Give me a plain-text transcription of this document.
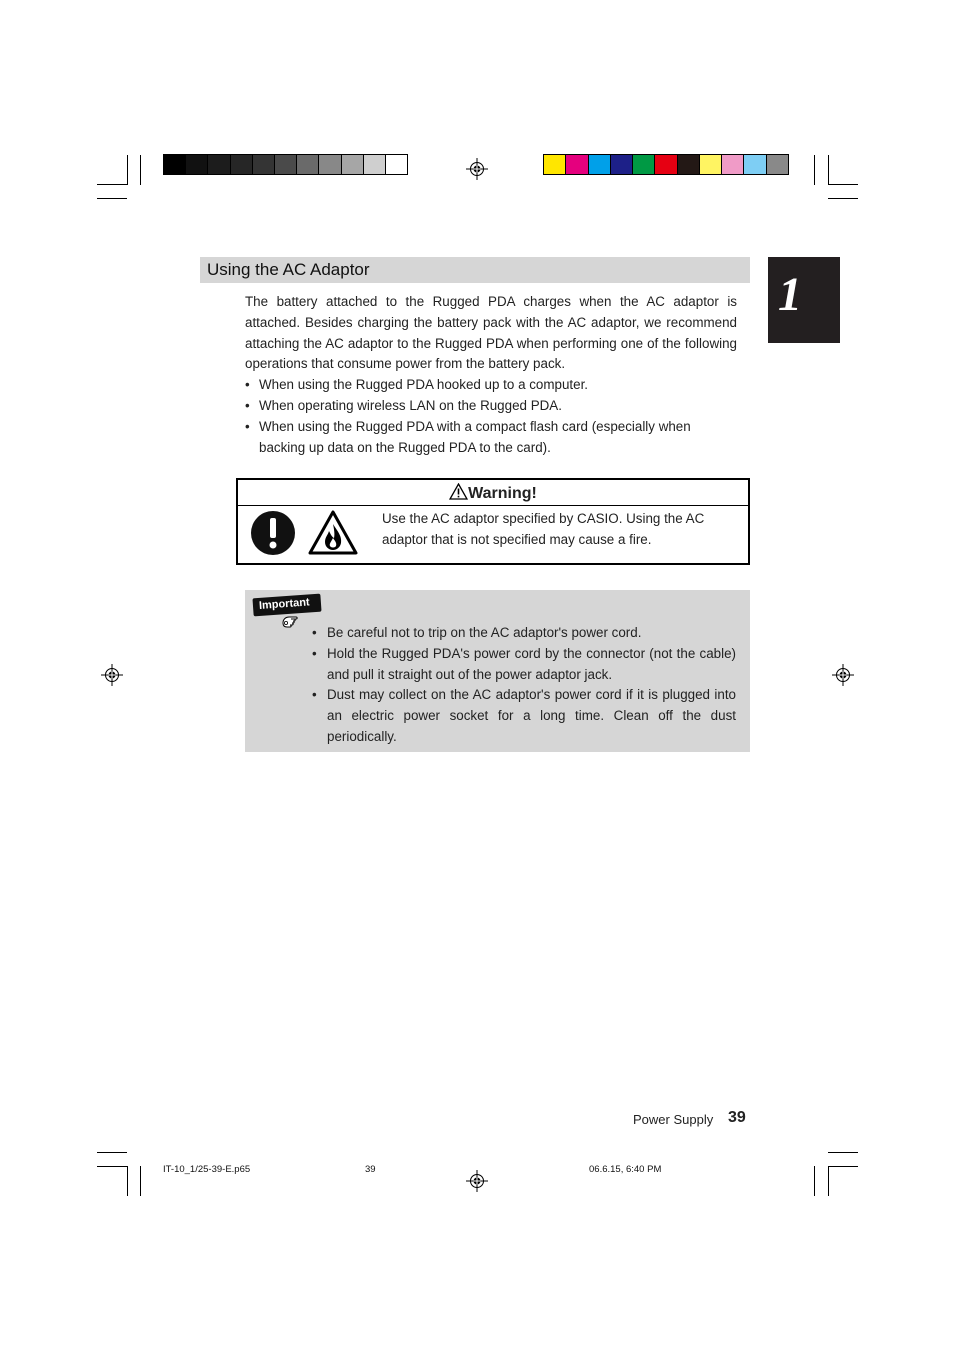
Using the AC Adaptor	1

The battery attached to the Rugged PDA charges when the AC adaptor is attached. Besides charging the battery pack with the AC adaptor, we recommend attaching the AC adaptor to the Rugged PDA when performing one of the following operations that consume power from the battery pack.

• When using the Rugged PDA hooked up to a computer.
• When operating wireless LAN on the Rugged PDA.
• When using the Rugged PDA with a compact flash card (especially when backing up data on the Rugged PDA to the card).
Warning!
Use the AC adaptor specified by CASIO. Using the AC adaptor that is not specified may cause a fire.
Important
• Be careful not to trip on the AC adaptor's power cord.
• Hold the Rugged PDA's power cord by the connector (not the cable) and pull it straight out of the power adaptor jack.
• Dust may collect on the AC adaptor's power cord if it is plugged into an electric power socket for a long time. Clean off the dust periodically.
Power Supply 39
IT-10_1/25-39-E.p65	39	06.6.15, 6:40 PM
